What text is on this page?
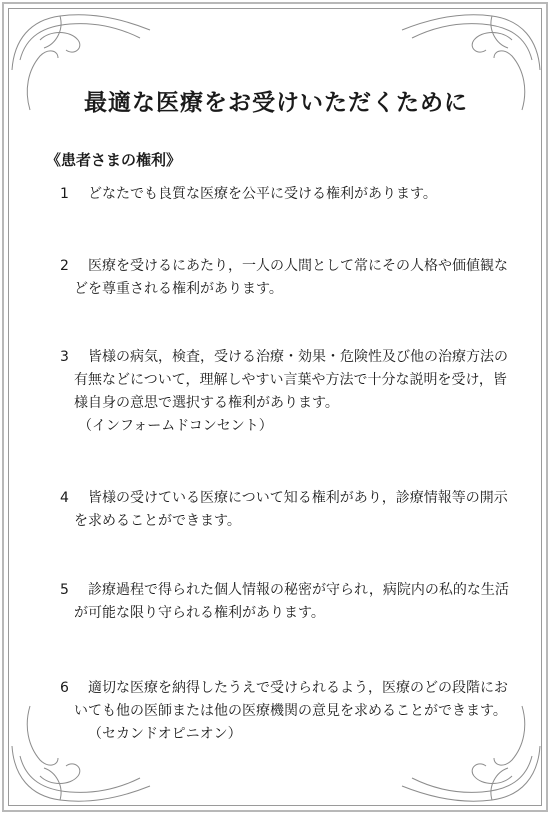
最適な医療をお受けいただくために
《患者さまの権利》

1 どなたでも良質な医療を公平に受ける権利があります。

2 医療を受けるにあたり，一人の人間として常にその人格や価値観などを尊重される権利があります。

3 皆様の病気，検査，受ける治療・効果・危険性及び他の治療方法の有無などについて，理解しやすい言葉や方法で十分な説明を受け，皆様自身の意思で選択する権利があります。
（インフォームドコンセント）

4 皆様の受けている医療について知る権利があり，診療情報等の開示を求めることができます。

5 診療過程で得られた個人情報の秘密が守られ，病院内の私的な生活が可能な限り守られる権利があります。

6 適切な医療を納得したうえで受けられるよう，医療のどの段階においても他の医師または他の医療機関の意見を求めることができます。（セカンドオピニオン）
